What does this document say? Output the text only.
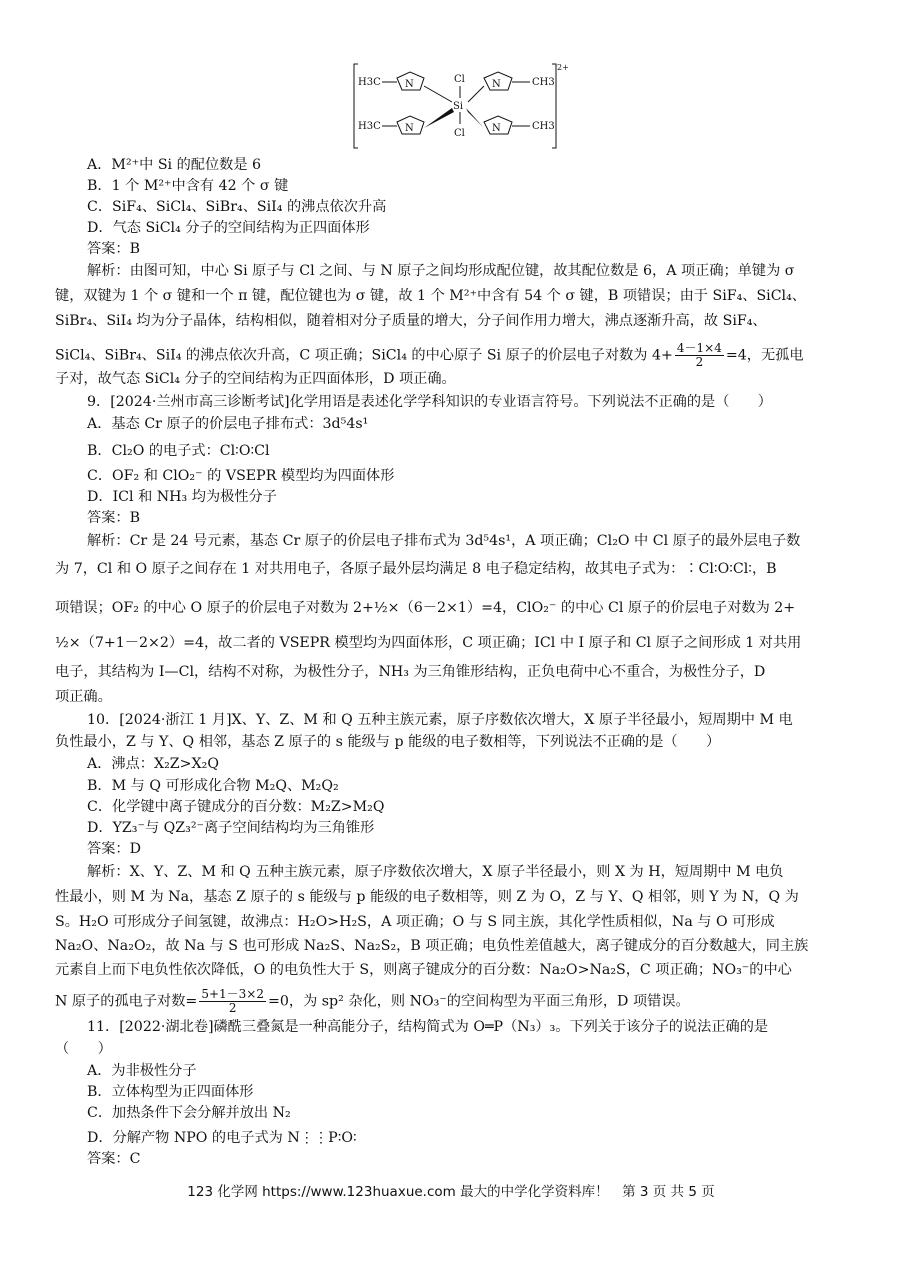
H3C
H3C
Cl
Si
Cl
CH3
CH3
N	N
N	N
2+
A．M²⁺中 Si 的配位数是 6
B．1 个 M²⁺中含有 42 个 σ 键
C．SiF₄、SiCl₄、SiBr₄、SiI₄ 的沸点依次升高
D．气态 SiCl₄ 分子的空间结构为正四面体形
答案：B
解析：由图可知，中心 Si 原子与 Cl 之间、与 N 原子之间均形成配位键，故其配位数是 6，A 项正确；单键为 σ
键，双键为 1 个 σ 键和一个 π 键，配位键也为 σ 键，故 1 个 M²⁺中含有 54 个 σ 键，B 项错误；由于 SiF₄、SiCl₄、
SiBr₄、SiI₄ 均为分子晶体，结构相似，随着相对分子质量的增大，分子间作用力增大，沸点逐渐升高，故 SiF₄、
SiCl₄、SiBr₄、SiI₄ 的沸点依次升高，C 项正确；SiCl₄ 的中心原子 Si 原子的价层电子对数为 $4+ \frac{4-1\times 4}{2} =4$，无孤电
子对，故气态 SiCl₄ 分子的空间结构为正四面体形，D 项正确。
9．[2024·兰州市高三诊断考试]化学用语是表述化学学科知识的专业语言符号。下列说法不正确的是（　　）
A．基态 Cr 原子的价层电子排布式：3d⁵4s¹
B．Cl₂O 的电子式：Cl∶O∶Cl
C．OF₂ 和 ClO₂⁻ 的 VSEPR 模型均为四面体形
D．ICl 和 NH₃ 均为极性分子
答案：B
解析：Cr 是 24 号元素，基态 Cr 原子的价层电子排布式为 3d⁵4s¹，A 项正确；Cl₂O 中 Cl 原子的最外层电子数
为 7，Cl 和 O 原子之间存在 1 对共用电子，各原子最外层均满足 8 电子稳定结构，故其电子式为：∶Cl∶O∶Cl∶，B
项错误；OF₂ 的中心 O 原子的价层电子对数为 2+½×（6－2×1）=4，ClO₂⁻ 的中心 Cl 原子的价层电子对数为 2+
½×（7+1－2×2）=4，故二者的 VSEPR 模型均为四面体形，C 项正确；ICl 中 I 原子和 Cl 原子之间形成 1 对共用
电子，其结构为 I—Cl，结构不对称，为极性分子，NH₃ 为三角锥形结构，正负电荷中心不重合，为极性分子，D
项正确。
10．[2024·浙江 1 月]X、Y、Z、M 和 Q 五种主族元素，原子序数依次增大，X 原子半径最小，短周期中 M 电
负性最小，Z 与 Y、Q 相邻，基态 Z 原子的 s 能级与 p 能级的电子数相等，下列说法不正确的是（　　）
A．沸点：X₂Z>X₂Q
B．M 与 Q 可形成化合物 M₂Q、M₂Q₂
C．化学键中离子键成分的百分数：M₂Z>M₂Q
D．YZ₃⁻与 QZ₃²⁻离子空间结构均为三角锥形
答案：D
解析：X、Y、Z、M 和 Q 五种主族元素，原子序数依次增大，X 原子半径最小，则 X 为 H，短周期中 M 电负
性最小，则 M 为 Na，基态 Z 原子的 s 能级与 p 能级的电子数相等，则 Z 为 O，Z 与 Y、Q 相邻，则 Y 为 N，Q 为
S。H₂O 可形成分子间氢键，故沸点：H₂O>H₂S，A 项正确；O 与 S 同主族，其化学性质相似，Na 与 O 可形成
Na₂O、Na₂O₂，故 Na 与 S 也可形成 Na₂S、Na₂S₂，B 项正确；电负性差值越大，离子键成分的百分数越大，同主族
元素自上而下电负性依次降低，O 的电负性大于 S，则离子键成分的百分数：Na₂O>Na₂S，C 项正确；NO₃⁻的中心
N 原子的孤电子对数= $\frac{5+1-3\times 2}{2} =0$，为 sp² 杂化，则 NO₃⁻的空间构型为平面三角形，D 项错误。
11．[2022·湖北卷]磷酰三叠氮是一种高能分子，结构简式为 O═P（N₃）₃。下列关于该分子的说法正确的是
（　　）
A．为非极性分子
B．立体构型为正四面体形
C．加热条件下会分解并放出 N₂
D．分解产物 NPO 的电子式为 N⋮⋮P∶O∶
答案：C
123 化学网 https://www.123huaxue.com 最大的中学化学资料库！　第 3 页 共 5 页
